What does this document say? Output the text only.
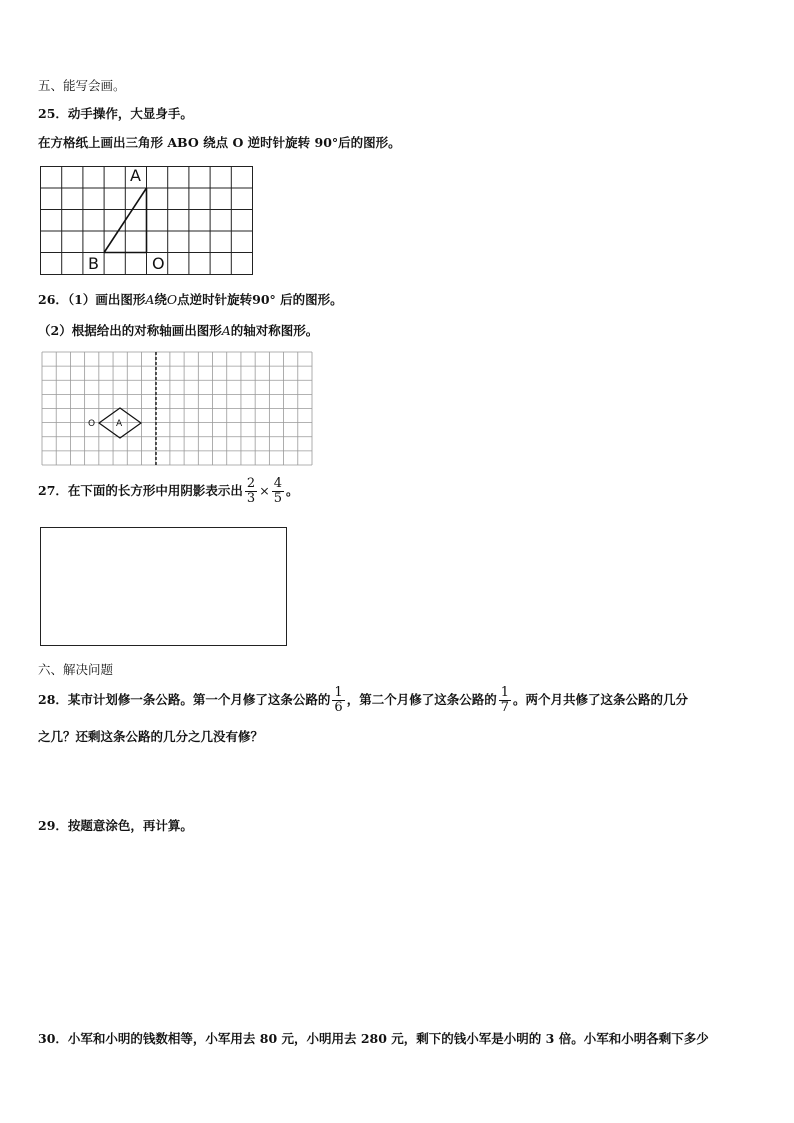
五、能写会画。
25．动手操作，大显身手。
在方格纸上画出三角形 ABO 绕点 O 逆时针旋转 90°后的图形。
A
B	O
26．（1）画出图形A绕O点逆时针旋转90° 后的图形。
（2）根据给出的对称轴画出图形A的轴对称图形。
O A
27．在下面的长方形中用阴影表示出 $\frac{2}{3} \times \frac{4}{5}$ 。
六、解决问题
28．某市计划修一条公路。第一个月修了这条公路的 $\frac{1}{6}$ ，第二个月修了这条公路的 $\frac{1}{7}$ 。两个月共修了这条公路的几分
之几？还剩这条公路的几分之几没有修？
29．按题意涂色，再计算。
30．小军和小明的钱数相等，小军用去 80 元，小明用去 280 元，剩下的钱小军是小明的 3 倍。小军和小明各剩下多少
